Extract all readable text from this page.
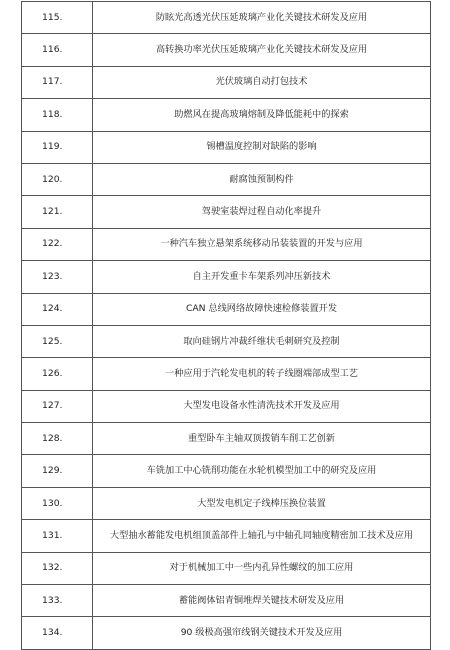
115.	防眩光高透光伏压延玻璃产业化关键技术研发及应用
116.	高转换功率光伏压延玻璃产业化关键技术研发及应用
117.	光伏玻璃自动打包技术
118.	助燃风在提高玻璃熔制及降低能耗中的探索
119.	锡槽温度控制对缺陷的影响
120.	耐腐蚀预制构件
121.	驾驶室装焊过程自动化率提升
122.	一种汽车独立悬架系统移动吊装装置的开发与应用
123.	自主开发重卡车架系列冲压新技术
124.	CAN 总线网络故障快速检修装置开发
125.	取向硅钢片冲裁纤维状毛刺研究及控制
126.	一种应用于汽轮发电机的转子线圈端部成型工艺
127.	大型发电设备水性清洗技术开发及应用
128.	重型卧车主轴双顶拨销车削工艺创新
129.	车铣加工中心铣削功能在水轮机模型加工中的研究及应用
130.	大型发电机定子线棒压换位装置
131.	大型抽水蓄能发电机组顶盖部件上轴孔与中轴孔同轴度精密加工技术及应用
132.	对于机械加工中一些内孔异性螺纹的加工应用
133.	蓄能阀体铝青铜堆焊关键技术研发及应用
134.	90 级极高强帘线钢关键技术开发及应用
